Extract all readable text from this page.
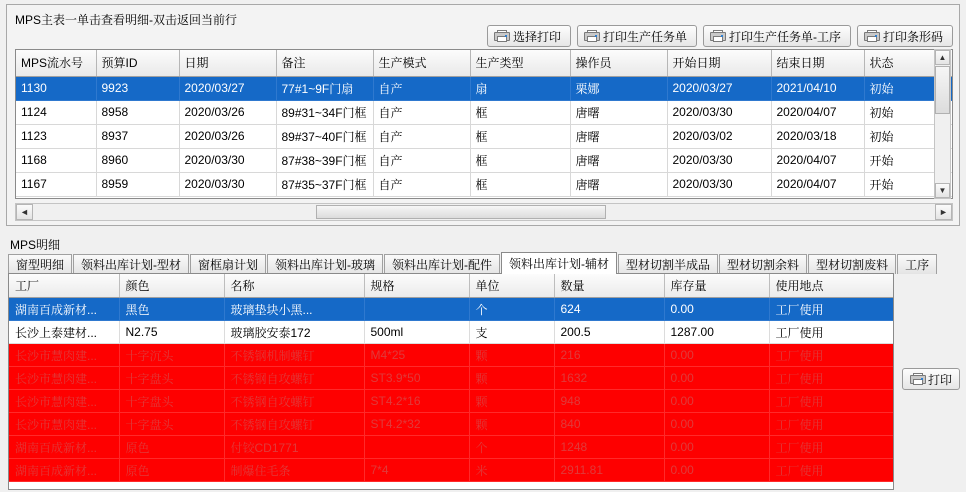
MPS主表一单击查看明细-双击返回当前行
选择打印	打印生产任务单	打印生产任务单-工序	打印条形码
MPS流水号	预算ID	日期	备注	生产模式	生产类型	操作员	开始日期	结束日期	状态
1130	9923	2020/03/27	77#1~9F门扇	自产	扇	栗娜	2020/03/27	2021/04/10	初始
1124	8958	2020/03/26	89#31~34F门框	自产	框	唐曙	2020/03/30	2020/04/07	初始
1123	8937	2020/03/26	89#37~40F门框	自产	框	唐曙	2020/03/02	2020/03/18	初始
1168	8960	2020/03/30	87#38~39F门框	自产	框	唐曙	2020/03/30	2020/04/07	开始
1167	8959	2020/03/30	87#35~37F门框	自产	框	唐曙	2020/03/30	2020/04/07	开始
▲
▼
◄	►
MPS明细
窗型明细	领料出库计划-型材	窗框扇计划	领料出库计划-玻璃	领料出库计划-配件	领料出库计划-辅材	型材切割半成品	型材切割余料	型材切割废料	工序
工厂	颜色	名称	规格	单位	数量	库存量	使用地点
湖南百成新材...	黑色	玻璃垫块小黑...		个	624	0.00	工厂使用
长沙上泰建材...	N2.75	玻璃胶安泰172	500ml	支	200.5	1287.00	工厂使用
长沙市慧肉建...	十字沉头	不锈钢机制螺钉	M4*25	颗	216	0.00	工厂使用
长沙市慧肉建...	十字盘头	不锈钢自攻螺钉	ST3.9*50	颗	1632	0.00	工厂使用
长沙市慧肉建...	十字盘头	不锈钢自攻螺钉	ST4.2*16	颗	948	0.00	工厂使用
长沙市慧肉建...	十字盘头	不锈钢自攻螺钉	ST4.2*32	颗	840	0.00	工厂使用
湖南百成新材...	原色	付铰CD1771		个	1248	0.00	工厂使用
湖南百成新材...	原色	制爆住毛条	7*4	米	2911.81	0.00	工厂使用
打印
